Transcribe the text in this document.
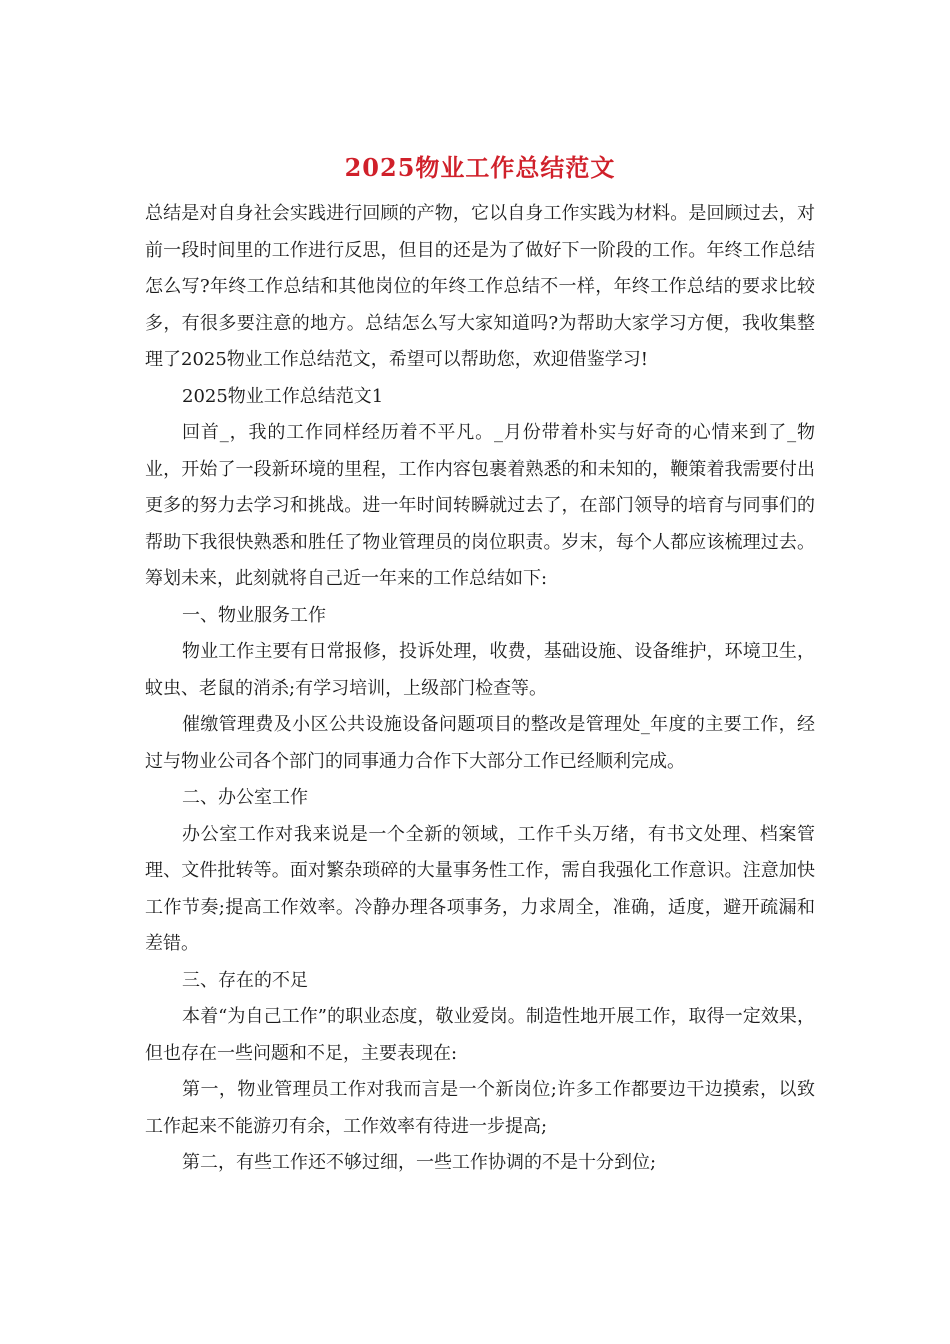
2025物业工作总结范文

总结是对自身社会实践进行回顾的产物，它以自身工作实践为材料。是回顾过去，对前一段时间里的工作进行反思，但目的还是为了做好下一阶段的工作。年终工作总结怎么写?年终工作总结和其他岗位的年终工作总结不一样，年终工作总结的要求比较多，有很多要注意的地方。总结怎么写大家知道吗?为帮助大家学习方便，我收集整理了2025物业工作总结范文，希望可以帮助您，欢迎借鉴学习!

2025物业工作总结范文1

回首_，我的工作同样经历着不平凡。_月份带着朴实与好奇的心情来到了_物业，开始了一段新环境的里程，工作内容包裹着熟悉的和未知的，鞭策着我需要付出更多的努力去学习和挑战。进一年时间转瞬就过去了，在部门领导的培育与同事们的帮助下我很快熟悉和胜任了物业管理员的岗位职责。岁末，每个人都应该梳理过去。筹划未来，此刻就将自己近一年来的工作总结如下:

一、物业服务工作

物业工作主要有日常报修，投诉处理，收费，基础设施、设备维护，环境卫生，蚊虫、老鼠的消杀;有学习培训，上级部门检查等。

催缴管理费及小区公共设施设备问题项目的整改是管理处_年度的主要工作，经过与物业公司各个部门的同事通力合作下大部分工作已经顺利完成。

二、办公室工作

办公室工作对我来说是一个全新的领域，工作千头万绪，有书文处理、档案管理、文件批转等。面对繁杂琐碎的大量事务性工作，需自我强化工作意识。注意加快工作节奏;提高工作效率。冷静办理各项事务，力求周全，准确，适度，避开疏漏和差错。

三、存在的不足

本着“为自己工作”的职业态度，敬业爱岗。制造性地开展工作，取得一定效果，但也存在一些问题和不足，主要表现在:

第一，物业管理员工作对我而言是一个新岗位;许多工作都要边干边摸索，以致工作起来不能游刃有余，工作效率有待进一步提高;

第二，有些工作还不够过细，一些工作协调的不是十分到位;
